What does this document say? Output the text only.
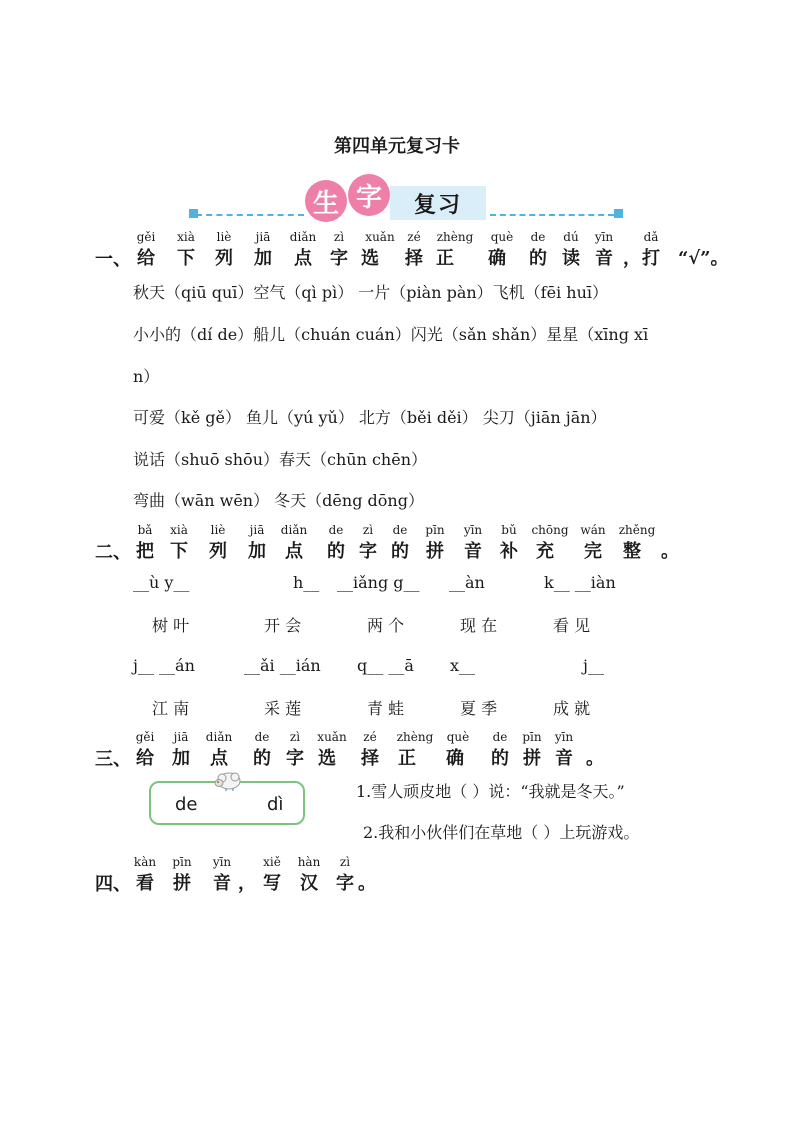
第四单元复习卡
生 字	复习
一、
gěi
给
xià
下
liè
列
jiā
加
diǎn
点
zì
字
xuǎn
选
zé
择
zhèng
正
què
确
de
的
dú
读
yīn
音 ，
dǎ
打	“√”。
秋天（qiū quī）空气（qì pì） 一片（piàn pàn）飞机（fēi huī）
小小的（dí de）船儿（chuán cuán）闪光（sǎn shǎn）星星（xīng xī
n）
可爱（kě gě） 鱼儿（yú yǔ） 北方（běi děi） 尖刀（jiān jān）
说话（shuō shōu）春天（chūn chēn）
弯曲（wān wēn） 冬天（dēng dōng）
二、
bǎ
把
xià
下
liè
列
jiā
加
diǎn
点
de
的
zì
字
de
的
pīn
拼
yīn
音
bǔ
补
chōng
充
wán
完
zhěng
整	。
__ù y__	h__ __iǎng g__ __àn	k__ __iàn
树 叶	开 会	两 个	现 在	看 见
j__ __án	__ǎi __ián q__ __ā x__	j__
江 南	采 莲	青 蛙	夏 季	成 就
三、
gěi
给
jiā
加
diǎn
点
de
的
zì
字
xuǎn
选
zé
择
zhèng
正
què
确
de
的
pīn
拼
yīn
音 。
de	dì
1.雪人顽皮地（ ）说：“我就是冬天。”
2.我和小伙伴们在草地（ ）上玩游戏。
四、
kàn
看
pīn
拼
yīn
音 ，
xiě
写
hàn
汉
zì
字 。
